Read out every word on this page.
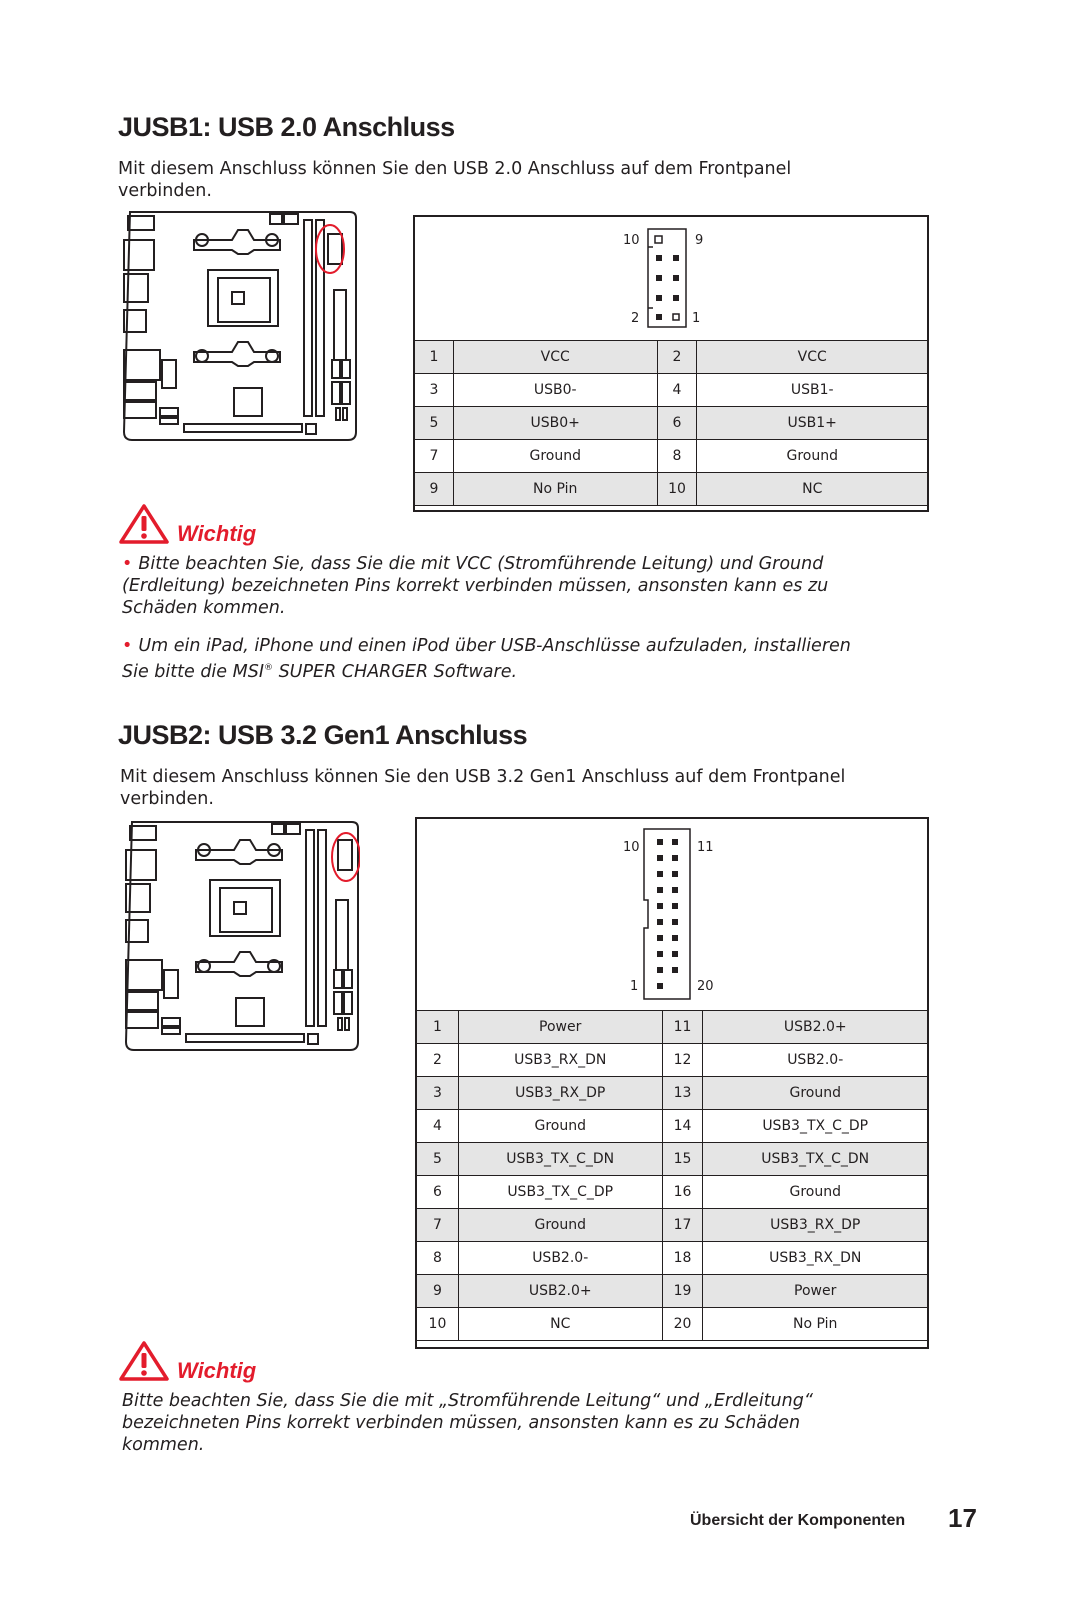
JUSB1: USB 2.0 Anschluss
Mit diesem Anschluss können Sie den USB 2.0 Anschluss auf dem Frontpanel
verbinden.
10	9
2	1
1	VCC	2	VCC
3	USB0-	4	USB1-
5	USB0+	6	USB1+
7	Ground	8	Ground
9	No Pin	10	NC
Wichtig
• Bitte beachten Sie, dass Sie die mit VCC (Stromführende Leitung) und Ground
(Erdleitung) bezeichneten Pins korrekt verbinden müssen, ansonsten kann es zu
Schäden kommen.
• Um ein iPad, iPhone und einen iPod über USB-Anschlüsse aufzuladen, installieren
Sie bitte die MSI® SUPER CHARGER Software.
JUSB2: USB 3.2 Gen1 Anschluss
Mit diesem Anschluss können Sie den USB 3.2 Gen1 Anschluss auf dem Frontpanel
verbinden.
10	11
1	20
1	Power	11	USB2.0+
2	USB3_RX_DN	12	USB2.0-
3	USB3_RX_DP	13	Ground
4	Ground	14	USB3_TX_C_DP
5	USB3_TX_C_DN	15	USB3_TX_C_DN
6	USB3_TX_C_DP	16	Ground
7	Ground	17	USB3_RX_DP
8	USB2.0-	18	USB3_RX_DN
9	USB2.0+	19	Power
10	NC	20	No Pin
Wichtig
Bitte beachten Sie, dass Sie die mit „Stromführende Leitung“ und „Erdleitung“
bezeichneten Pins korrekt verbinden müssen, ansonsten kann es zu Schäden
kommen.
Übersicht der Komponenten 17
